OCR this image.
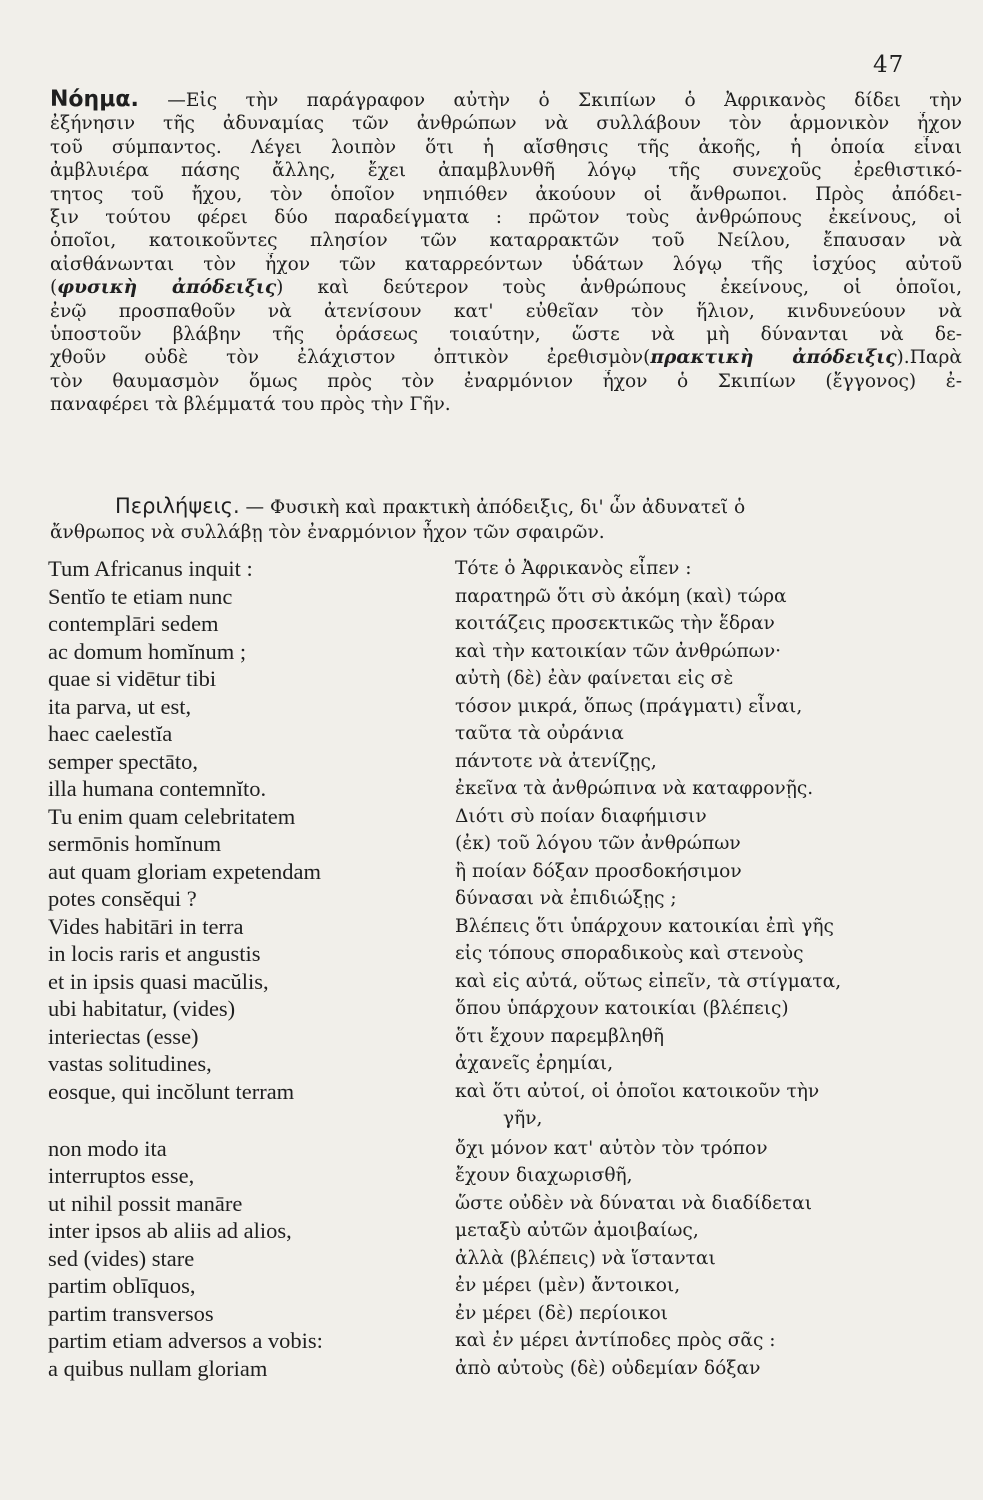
47
Νόημα. —Εἰς τὴν παράγραφον αὐτὴν ὁ Σκιπίων ὁ Ἀφρικανὸς δίδει τὴν
ἐξήνησιν τῆς ἀδυναμίας τῶν ἀνθρώπων νὰ συλλάβουν τὸν ἁρμονικὸν ἦχον
τοῦ σύμπαντος. Λέγει λοιπὸν ὅτι ἡ αἴσθησις τῆς ἀκοῆς, ἡ ὁποία εἶναι
ἀμβλυιέρα πάσης ἄλλης, ἔχει ἀπαμβλυνθῆ λόγῳ τῆς συνεχοῦς ἐρεθιστικό-
τητος τοῦ ἤχου, τὸν ὁποῖον νηπιόθεν ἀκούουν οἱ ἄνθρωποι. Πρὸς ἀπόδει-
ξιν τούτου φέρει δύο παραδείγματα : πρῶτον τοὺς ἀνθρώπους ἐκείνους, οἱ
ὁποῖοι, κατοικοῦντες πλησίον τῶν καταρρακτῶν τοῦ Νείλου, ἔπαυσαν νὰ
αἰσθάνωνται τὸν ἦχον τῶν καταρρεόντων ὑδάτων λόγῳ τῆς ἰσχύος αὐτοῦ
(φυσικὴ ἀπόδειξις) καὶ δεύτερον τοὺς ἀνθρώπους ἐκείνους, οἱ ὁποῖοι,
ἐνῷ προσπαθοῦν νὰ ἀτενίσουν κατ' εὐθεῖαν τὸν ἥλιον, κινδυνεύουν νὰ
ὑποστοῦν βλάβην τῆς ὁράσεως τοιαύτην, ὥστε νὰ μὴ δύνανται νὰ δε-
χθοῦν οὐδὲ τὸν ἐλάχιστον ὀπτικὸν ἐρεθισμὸν(πρακτικὴ ἀπόδειξις).Παρὰ
τὸν θαυμασμὸν ὅμως πρὸς τὸν ἐναρμόνιον ἦχον ὁ Σκιπίων (ἔγγονος) ἐ-
παναφέρει τὰ βλέμματά του πρὸς τὴν Γῆν.
Περιλήψεις. — Φυσικὴ καὶ πρακτικὴ ἀπόδειξις, δι' ὧν ἀδυνατεῖ ὁ
ἄνθρωπος νὰ συλλάβῃ τὸν ἐναρμόνιον ἦχον τῶν σφαιρῶν.
Tum Africanus inquit :	Τότε ὁ Ἀφρικανὸς εἶπεν :
Sentĭo te etiam nunc	παρατηρῶ ὅτι σὺ ἀκόμη (καὶ) τώρα
contemplāri sedem	κοιτάζεις προσεκτικῶς τὴν ἕδραν
ac domum homĭnum ;	καὶ τὴν κατοικίαν τῶν ἀνθρώπων·
quae si vidētur tibi	αὐτὴ (δὲ) ἐὰν φαίνεται εἰς σὲ
ita parva, ut est,	τόσον μικρά, ὅπως (πράγματι) εἶναι,
haec caelestĭa	ταῦτα τὰ οὐράνια
semper spectāto,	πάντοτε νὰ ἀτενίζῃς,
illa humana contemnĭto.	ἐκεῖνα τὰ ἀνθρώπινα νὰ καταφρονῇς.
Tu enim quam celebritatem	Διότι σὺ ποίαν διαφήμισιν
sermōnis homĭnum	(ἐκ) τοῦ λόγου τῶν ἀνθρώπων
aut quam gloriam expetendam	ἢ ποίαν δόξαν προσδοκήσιμον
potes consĕqui ?	δύνασαι νὰ ἐπιδιώξῃς ;
Vides habitāri in terra	Βλέπεις ὅτι ὑπάρχουν κατοικίαι ἐπὶ γῆς
in locis raris et angustis	εἰς τόπους σποραδικοὺς καὶ στενοὺς
et in ipsis quasi macŭlis,	καὶ εἰς αὐτά, οὕτως εἰπεῖν, τὰ στίγματα,
ubi habitatur, (vides)	ὅπου ὑπάρχουν κατοικίαι (βλέπεις)
interiectas (esse)	ὅτι ἔχουν παρεμβληθῆ
vastas solitudines,	ἀχανεῖς ἐρημίαι,
eosque, qui incŏlunt terram	καὶ ὅτι αὐτοί, οἱ ὁποῖοι κατοικοῦν τὴν
γῆν,
non modo ita	ὄχι μόνον κατ' αὐτὸν τὸν τρόπον
interruptos esse,	ἔχουν διαχωρισθῆ,
ut nihil possit manāre	ὥστε οὐδὲν νὰ δύναται νὰ διαδίδεται
inter ipsos ab aliis ad alios,	μεταξὺ αὐτῶν ἀμοιβαίως,
sed (vides) stare	ἀλλὰ (βλέπεις) νὰ ἵστανται
partim oblīquos,	ἐν μέρει (μὲν) ἄντοικοι,
partim transversos	ἐν μέρει (δὲ) περίοικοι
partim etiam adversos a vobis:	καὶ ἐν μέρει ἀντίποδες πρὸς σᾶς :
a quibus nullam gloriam	ἀπὸ αὐτοὺς (δὲ) οὐδεμίαν δόξαν
